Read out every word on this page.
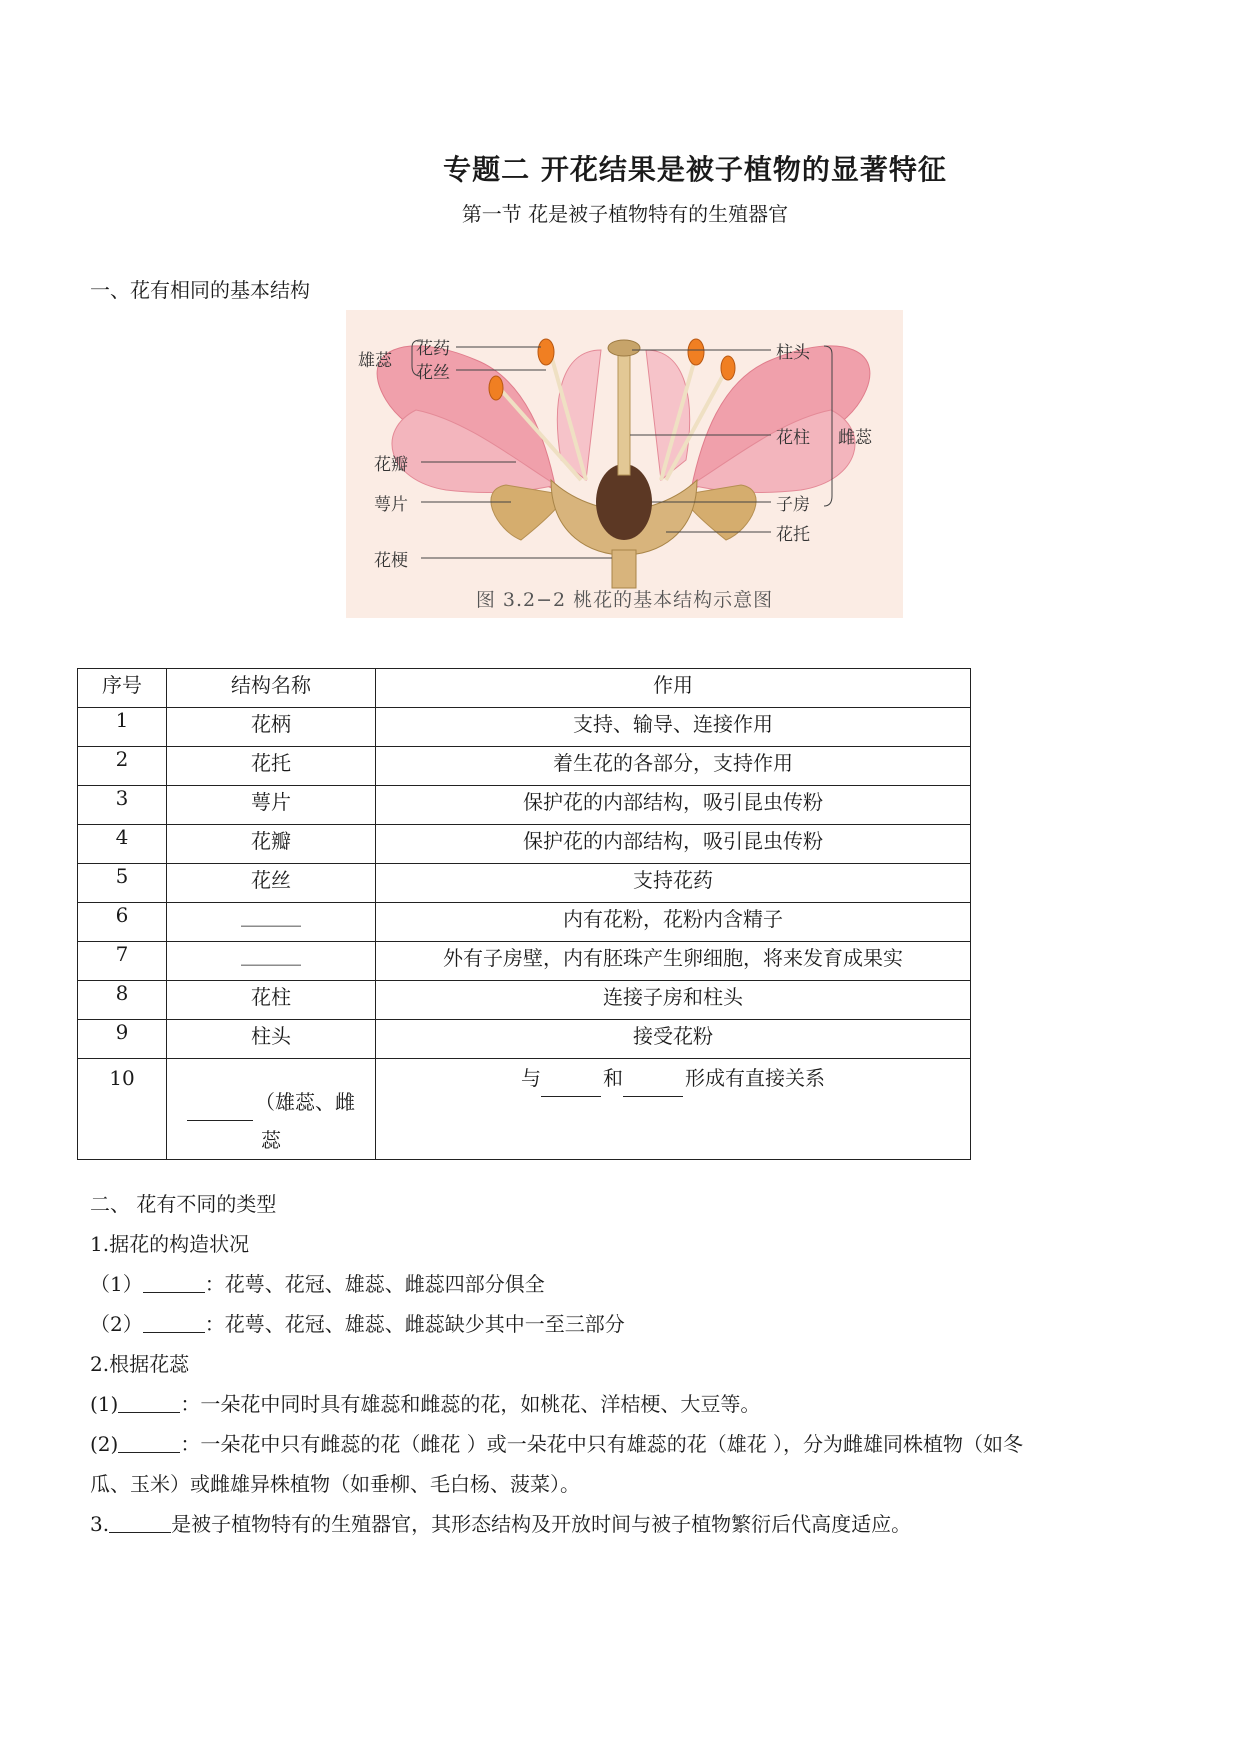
专题二 开花结果是被子植物的显著特征
第一节 花是被子植物特有的生殖器官
一、花有相同的基本结构
雄蕊
花药
花丝
花瓣
萼片
花梗
柱头
花柱 雌蕊
子房
花托
图 3.2−2 桃花的基本结构示意图
序号	结构名称	作用
1	花柄	支持、输导、连接作用
2	花托	着生花的各部分，支持作用
3	萼片	保护花的内部结构，吸引昆虫传粉
4	花瓣	保护花的内部结构，吸引昆虫传粉
5	花丝	支持花药
6	______	内有花粉，花粉内含精子
7	______	外有子房壁，内有胚珠产生卵细胞，将来发育成果实
8	花柱	连接子房和柱头
9	柱头	接受花粉
10	（雄蕊、雌
蕊	与 和 形成有直接关系
二、 花有不同的类型
1.据花的构造状况
（1）	：花萼、花冠、雄蕊、雌蕊四部分俱全
（2）	：花萼、花冠、雄蕊、雌蕊缺少其中一至三部分
2.根据花蕊
(1)	：一朵花中同时具有雄蕊和雌蕊的花，如桃花、洋桔梗、大豆等。
(2)	：一朵花中只有雌蕊的花（雌花 ）或一朵花中只有雄蕊的花（雄花 ），分为雌雄同株植物（如冬
瓜、玉米）或雌雄异株植物（如垂柳、毛白杨、菠菜）。
3.	是被子植物特有的生殖器官，其形态结构及开放时间与被子植物繁衍后代高度适应。
